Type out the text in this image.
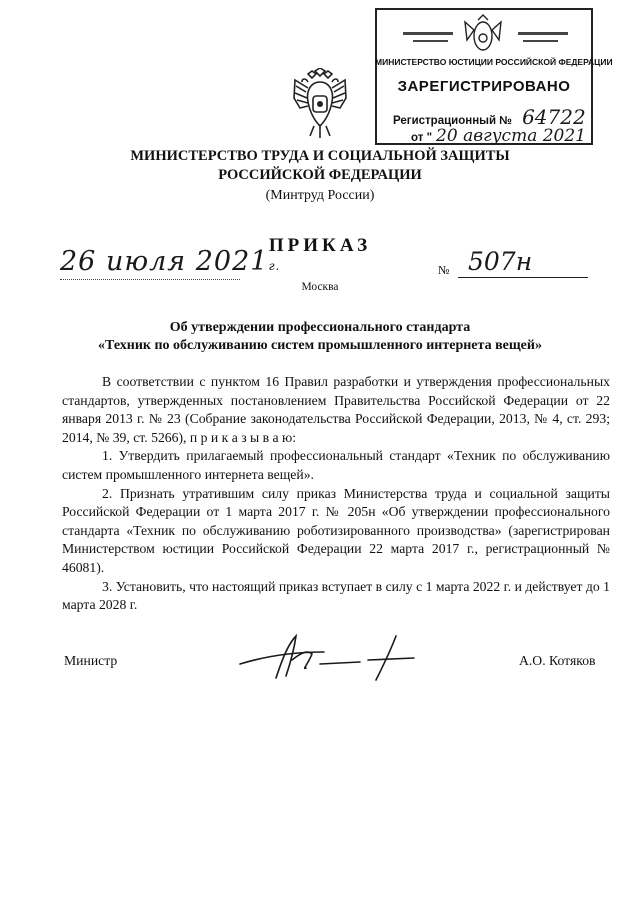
МИНИСТЕРСТВО ЮСТИЦИИ РОССИЙСКОЙ ФЕДЕРАЦИИ
ЗАРЕГИСТРИРОВАНО
Регистрационный № 64722
от " 20 августа 2021
МИНИСТЕРСТВО ТРУДА И СОЦИАЛЬНОЙ ЗАЩИТЫ
РОССИЙСКОЙ ФЕДЕРАЦИИ
(Минтруд России)
ПРИКАЗ
26 июля 2021г.	№ 507н
Москва
Об утверждении профессионального стандарта
«Техник по обслуживанию систем промышленного интернета вещей»

В соответствии с пунктом 16 Правил разработки и утверждения профессиональных стандартов, утвержденных постановлением Правительства Российской Федерации от 22 января 2013 г. № 23 (Собрание законодательства Российской Федерации, 2013, № 4, ст. 293; 2014, № 39, ст. 5266), п р и к а з ы в а ю:

1. Утвердить прилагаемый профессиональный стандарт «Техник по обслуживанию систем промышленного интернета вещей».

2. Признать утратившим силу приказ Министерства труда и социальной защиты Российской Федерации от 1 марта 2017 г. № 205н «Об утверждении профессионального стандарта «Техник по обслуживанию роботизированного производства» (зарегистрирован Министерством юстиции Российской Федерации 22 марта 2017 г., регистрационный № 46081).

3. Установить, что настоящий приказ вступает в силу с 1 марта 2022 г. и действует до 1 марта 2028 г.

Министр	А.О. Котяков
